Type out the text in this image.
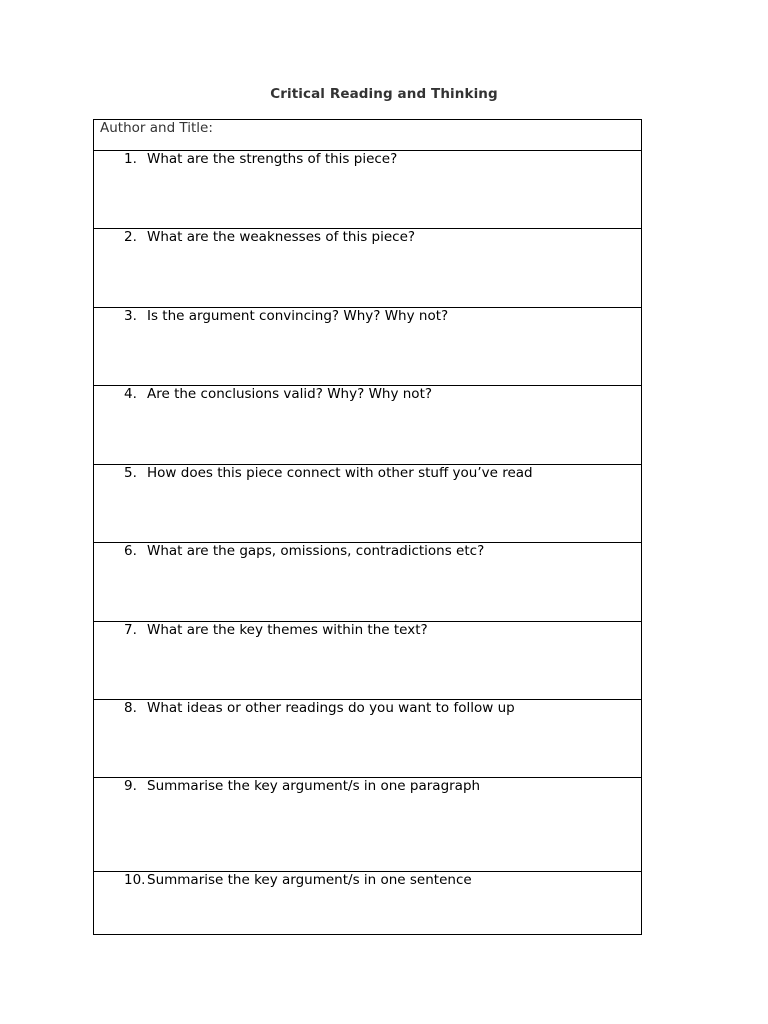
Critical Reading and Thinking
Author and Title:
1. What are the strengths of this piece?
2. What are the weaknesses of this piece?
3. Is the argument convincing? Why? Why not?
4. Are the conclusions valid? Why? Why not?
5. How does this piece connect with other stuff you’ve read
6. What are the gaps, omissions, contradictions etc?
7. What are the key themes within the text?
8. What ideas or other readings do you want to follow up
9. Summarise the key argument/s in one paragraph
10. Summarise the key argument/s in one sentence
